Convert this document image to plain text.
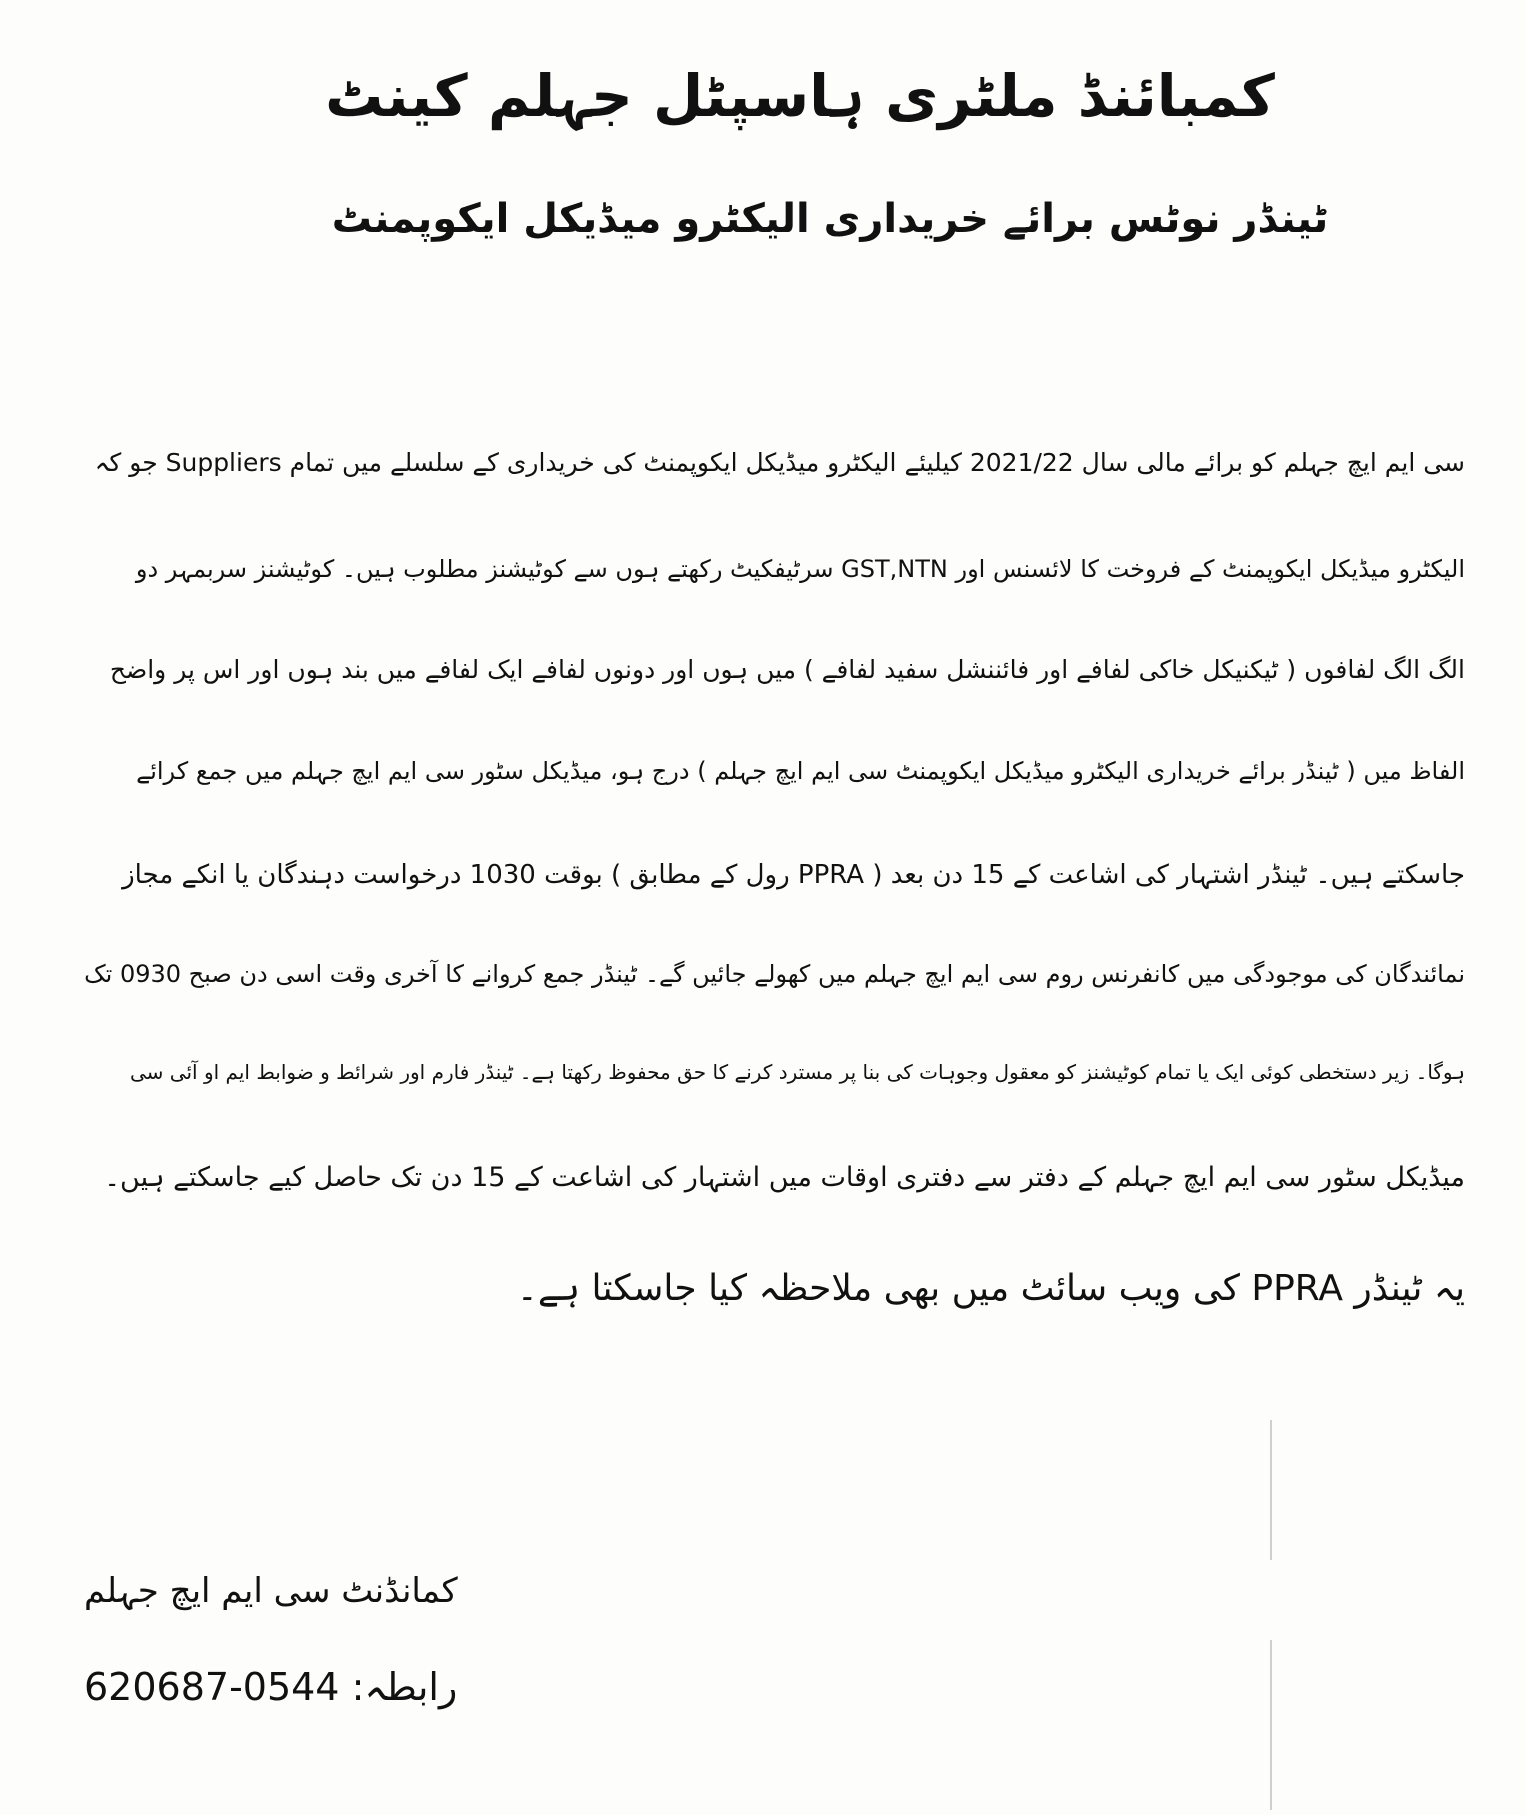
کمبائنڈ ملٹری ہاسپٹل جہلم کینٹ
ٹینڈر نوٹس برائے خریداری الیکٹرو میڈیکل ایکوپمنٹ
سی ایم ایچ جہلم کو برائے مالی سال 2021/22 کیلیئے الیکٹرو میڈیکل ایکوپمنٹ کی خریداری کے سلسلے میں تمام Suppliers جو کہ
الیکٹرو میڈیکل ایکوپمنٹ کے فروخت کا لائسنس اور GST,NTN سرٹیفکیٹ رکھتے ہوں سے کوٹیشنز مطلوب ہیں۔ کوٹیشنز سربمہر دو
الگ الگ لفافوں ( ٹیکنیکل خاکی لفافے اور فائننشل سفید لفافے ) میں ہوں اور دونوں لفافے ایک لفافے میں بند ہوں اور اس پر واضح
الفاظ میں ( ٹینڈر برائے خریداری الیکٹرو میڈیکل ایکوپمنٹ سی ایم ایچ جہلم ) درج ہو، میڈیکل سٹور سی ایم ایچ جہلم میں جمع کرائے
جاسکتے ہیں۔ ٹینڈر اشتہار کی اشاعت کے 15 دن بعد ( PPRA رول کے مطابق ) بوقت 1030 درخواست دہندگان یا انکے مجاز
نمائندگان کی موجودگی میں کانفرنس روم سی ایم ایچ جہلم میں کھولے جائیں گے۔ ٹینڈر جمع کروانے کا آخری وقت اسی دن صبح 0930 تک
ہوگا۔ زیر دستخطی کوئی ایک یا تمام کوٹیشنز کو معقول وجوہات کی بنا پر مسترد کرنے کا حق محفوظ رکھتا ہے۔ ٹینڈر فارم اور شرائط و ضوابط ایم او آئی سی
میڈیکل سٹور سی ایم ایچ جہلم کے دفتر سے دفتری اوقات میں اشتہار کی اشاعت کے 15 دن تک حاصل کیے جاسکتے ہیں۔
یہ ٹینڈر PPRA کی ویب سائٹ میں بھی ملاحظہ کیا جاسکتا ہے۔
کمانڈنٹ سی ایم ایچ جہلم
رابطہ: 0544-620687
